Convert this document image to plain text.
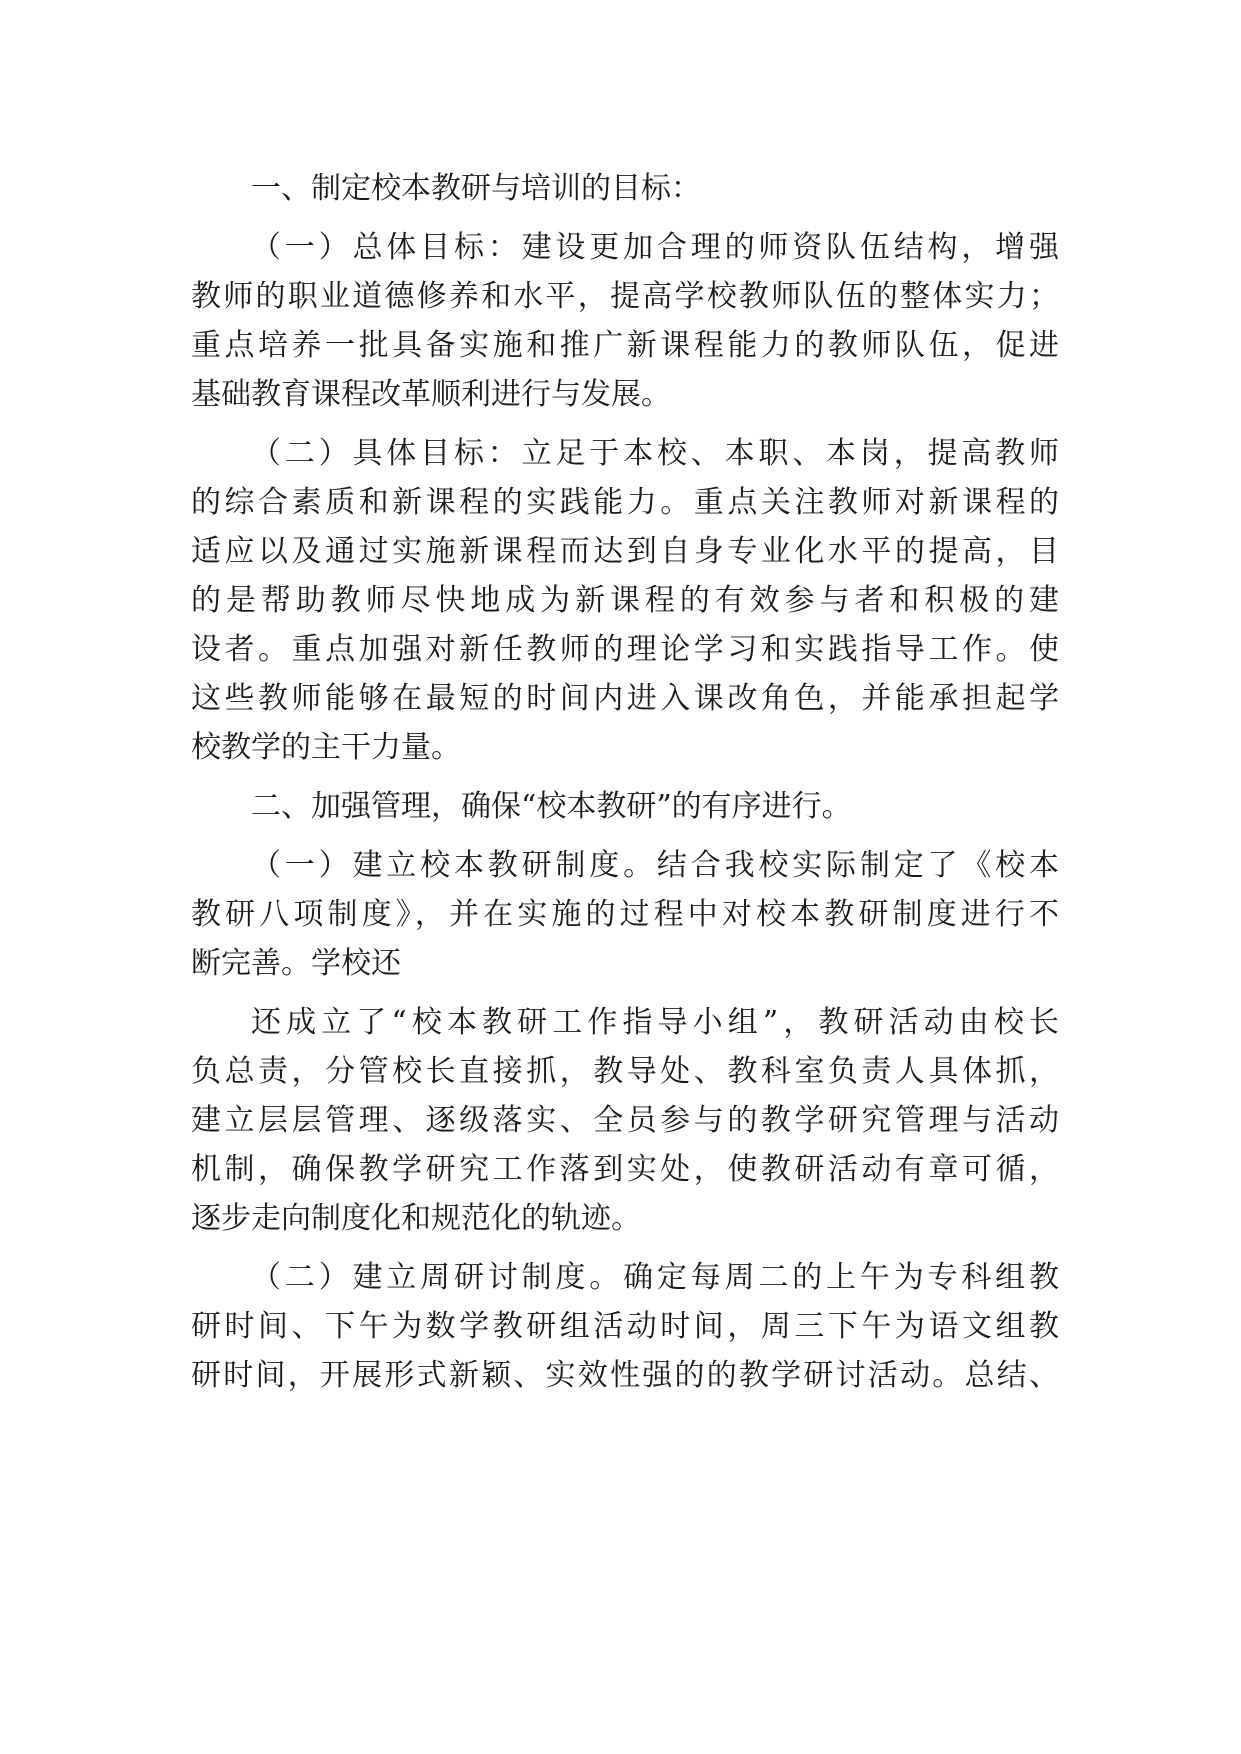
一、制定校本教研与培训的目标：
（一）总体目标：建设更加合理的师资队伍结构，增强
教师的职业道德修养和水平，提高学校教师队伍的整体实力；
重点培养一批具备实施和推广新课程能力的教师队伍，促进
基础教育课程改革顺利进行与发展。
（二）具体目标：立足于本校、本职、本岗，提高教师
的综合素质和新课程的实践能力。重点关注教师对新课程的
适应以及通过实施新课程而达到自身专业化水平的提高，目
的是帮助教师尽快地成为新课程的有效参与者和积极的建
设者。重点加强对新任教师的理论学习和实践指导工作。使
这些教师能够在最短的时间内进入课改角色，并能承担起学
校教学的主干力量。
二、加强管理，确保“校本教研”的有序进行。
（一）建立校本教研制度。结合我校实际制定了《校本
教研八项制度》，并在实施的过程中对校本教研制度进行不
断完善。学校还
还成立了“校本教研工作指导小组”，教研活动由校长
负总责，分管校长直接抓，教导处、教科室负责人具体抓，
建立层层管理、逐级落实、全员参与的教学研究管理与活动
机制，确保教学研究工作落到实处，使教研活动有章可循，
逐步走向制度化和规范化的轨迹。
（二）建立周研讨制度。确定每周二的上午为专科组教
研时间、下午为数学教研组活动时间，周三下午为语文组教
研时间，开展形式新颖、实效性强的的教学研讨活动。总结、
